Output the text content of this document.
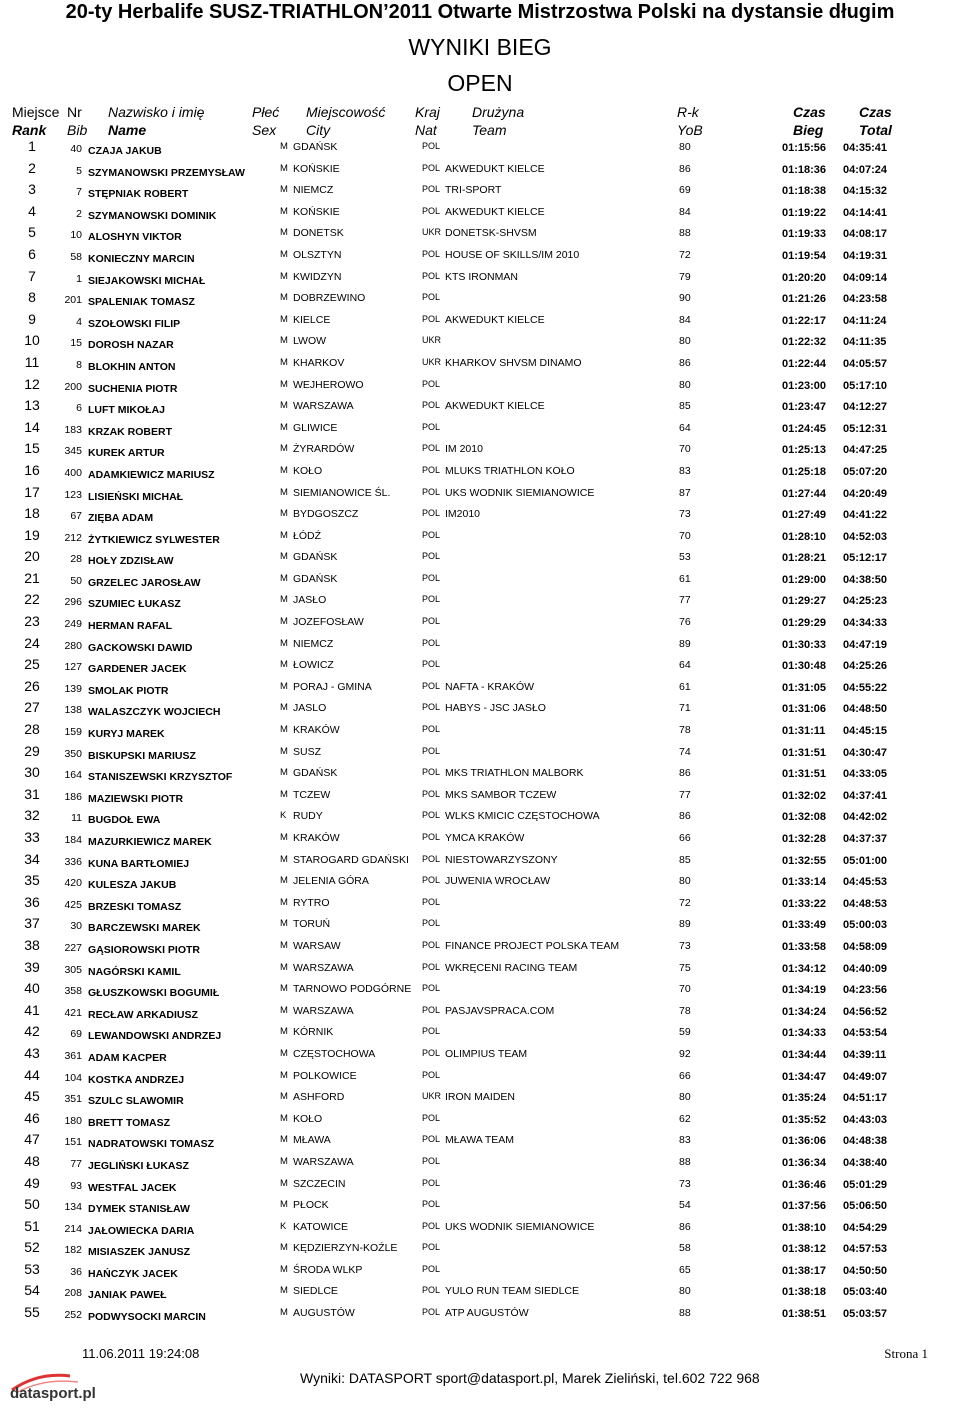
20-ty Herbalife SUSZ-TRIATHLON’2011 Otwarte Mistrzostwa Polski na dystansie długim
WYNIKI BIEG
OPEN
Miejsce
Rank
Nr
Bib
Nazwisko i imię
Name
Płeć
Sex
Miejscowość
City
Kraj
Nat
Drużyna
Team
R-k
YoB
Czas
Bieg
Czas
Total
1	40 CZAJA JAKUB	M GDAŃSK	POL	80	01:15:56 04:35:41
2	5 SZYMANOWSKI PRZEMYSŁAW	M KOŃSKIE	POL AKWEDUKT KIELCE	86	01:18:36 04:07:24
3	7 STĘPNIAK ROBERT	M NIEMCZ	POL TRI-SPORT	69	01:18:38 04:15:32
4	2 SZYMANOWSKI DOMINIK	M KOŃSKIE	POL AKWEDUKT KIELCE	84	01:19:22 04:14:41
5	10 ALOSHYN VIKTOR	M DONETSK	UKR DONETSK-SHVSM	88	01:19:33 04:08:17
6	58 KONIECZNY MARCIN	M OLSZTYN	POL HOUSE OF SKILLS/IM 2010	72	01:19:54 04:19:31
7	1 SIEJAKOWSKI MICHAŁ	M KWIDZYN	POL KTS IRONMAN	79	01:20:20 04:09:14
8	201 SPALENIAK TOMASZ	M DOBRZEWINO	POL	90	01:21:26 04:23:58
9	4 SZOŁOWSKI FILIP	M KIELCE	POL AKWEDUKT KIELCE	84	01:22:17 04:11:24
10	15 DOROSH NAZAR	M LWOW	UKR	80	01:22:32 04:11:35
11	8 BLOKHIN ANTON	M KHARKOV	UKR KHARKOV SHVSM DINAMO	86	01:22:44 04:05:57
12	200 SUCHENIA PIOTR	M WEJHEROWO	POL	80	01:23:00 05:17:10
13	6 LUFT MIKOŁAJ	M WARSZAWA	POL AKWEDUKT KIELCE	85	01:23:47 04:12:27
14	183 KRZAK ROBERT	M GLIWICE	POL	64	01:24:45 05:12:31
15	345 KUREK ARTUR	M ŻYRARDÓW	POL IM 2010	70	01:25:13 04:47:25
16	400 ADAMKIEWICZ MARIUSZ	M KOŁO	POL MLUKS TRIATHLON KOŁO	83	01:25:18 05:07:20
17	123 LISIEŃSKI MICHAŁ	M SIEMIANOWICE ŚL.	POL UKS WODNIK SIEMIANOWICE	87	01:27:44 04:20:49
18	67 ZIĘBA ADAM	M BYDGOSZCZ	POL IM2010	73	01:27:49 04:41:22
19	212 ŻYTKIEWICZ SYLWESTER	M ŁÓDŹ	POL	70	01:28:10 04:52:03
20	28 HOŁY ZDZISŁAW	M GDAŃSK	POL	53	01:28:21 05:12:17
21	50 GRZELEC JAROSŁAW	M GDAŃSK	POL	61	01:29:00 04:38:50
22	296 SZUMIEC ŁUKASZ	M JASŁO	POL	77	01:29:27 04:25:23
23	249 HERMAN RAFAL	M JOZEFOSŁAW	POL	76	01:29:29 04:34:33
24	280 GACKOWSKI DAWID	M NIEMCZ	POL	89	01:30:33 04:47:19
25	127 GARDENER JACEK	M ŁOWICZ	POL	64	01:30:48 04:25:26
26	139 SMOLAK PIOTR	M PORAJ - GMINA	POL NAFTA - KRAKÓW	61	01:31:05 04:55:22
27	138 WALASZCZYK WOJCIECH	M JASLO	POL HABYS - JSC JASŁO	71	01:31:06 04:48:50
28	159 KURYJ MAREK	M KRAKÓW	POL	78	01:31:11 04:45:15
29	350 BISKUPSKI MARIUSZ	M SUSZ	POL	74	01:31:51 04:30:47
30	164 STANISZEWSKI KRZYSZTOF	M GDAŃSK	POL MKS TRIATHLON MALBORK	86	01:31:51 04:33:05
31	186 MAZIEWSKI PIOTR	M TCZEW	POL MKS SAMBOR TCZEW	77	01:32:02 04:37:41
32	11 BUGDOŁ EWA	K RUDY	POL WLKS KMICIC CZĘSTOCHOWA	86	01:32:08 04:42:02
33	184 MAZURKIEWICZ MAREK	M KRAKÓW	POL YMCA KRAKÓW	66	01:32:28 04:37:37
34	336 KUNA BARTŁOMIEJ	M STAROGARD GDAŃSKI POL NIESTOWARZYSZONY	85	01:32:55 05:01:00
35	420 KULESZA JAKUB	M JELENIA GÓRA	POL JUWENIA WROCŁAW	80	01:33:14 04:45:53
36	425 BRZESKI TOMASZ	M RYTRO	POL	72	01:33:22 04:48:53
37	30 BARCZEWSKI MAREK	M TORUŃ	POL	89	01:33:49 05:00:03
38	227 GĄSIOROWSKI PIOTR	M WARSAW	POL FINANCE PROJECT POLSKA TEAM	73	01:33:58 04:58:09
39	305 NAGÓRSKI KAMIL	M WARSZAWA	POL WKRĘCENI RACING TEAM	75	01:34:12 04:40:09
40	358 GŁUSZKOWSKI BOGUMIŁ	M TARNOWO PODGÓRNE POL	70	01:34:19 04:23:56
41	421 RECŁAW ARKADIUSZ	M WARSZAWA	POL PASJAVSPRACA.COM	78	01:34:24 04:56:52
42	69 LEWANDOWSKI ANDRZEJ	M KÓRNIK	POL	59	01:34:33 04:53:54
43	361 ADAM KACPER	M CZĘSTOCHOWA	POL OLIMPIUS TEAM	92	01:34:44 04:39:11
44	104 KOSTKA ANDRZEJ	M POLKOWICE	POL	66	01:34:47 04:49:07
45	351 SZULC SLAWOMIR	M ASHFORD	UKR IRON MAIDEN	80	01:35:24 04:51:17
46	180 BRETT TOMASZ	M KOŁO	POL	62	01:35:52 04:43:03
47	151 NADRATOWSKI TOMASZ	M MŁAWA	POL MŁAWA TEAM	83	01:36:06 04:48:38
48	77 JEGLIŃSKI ŁUKASZ	M WARSZAWA	POL	88	01:36:34 04:38:40
49	93 WESTFAL JACEK	M SZCZECIN	POL	73	01:36:46 05:01:29
50	134 DYMEK STANISŁAW	M PŁOCK	POL	54	01:37:56 05:06:50
51	214 JAŁOWIECKA DARIA	K KATOWICE	POL UKS WODNIK SIEMIANOWICE	86	01:38:10 04:54:29
52	182 MISIASZEK JANUSZ	M KĘDZIERZYN-KOŹLE	POL	58	01:38:12 04:57:53
53	36 HAŃCZYK JACEK	M ŚRODA WLKP	POL	65	01:38:17 04:50:50
54	208 JANIAK PAWEŁ	M SIEDLCE	POL YULO RUN TEAM SIEDLCE	80	01:38:18 05:03:40
55	252 PODWYSOCKI MARCIN	M AUGUSTÓW	POL ATP AUGUSTÓW	88	01:38:51 05:03:57
11.06.2011 19:24:08	Strona 1
Wyniki: DATASPORT sport@datasport.pl, Marek Zieliński, tel.602 722 968
datasport.pl
